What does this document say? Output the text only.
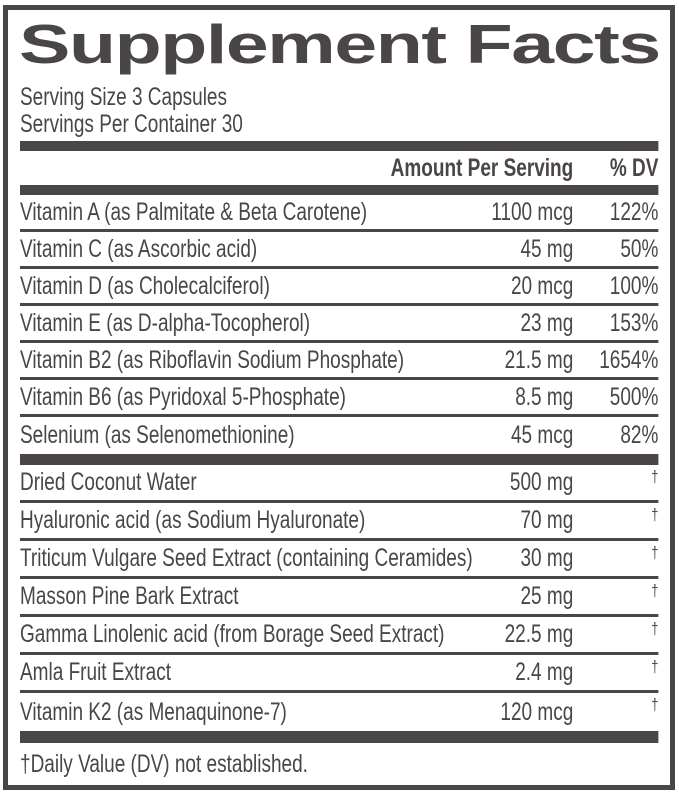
Supplement Facts
Serving Size 3 Capsules
Servings Per Container 30
Amount Per Serving	% DV
Vitamin A (as Palmitate & Beta Carotene)	1100 mcg	122%
Vitamin C (as Ascorbic acid)	45 mg	50%
Vitamin D (as Cholecalciferol)	20 mcg	100%
Vitamin E (as D-alpha-Tocopherol)	23 mg	153%
Vitamin B2 (as Riboflavin Sodium Phosphate)	21.5 mg	1654%
Vitamin B6 (as Pyridoxal 5-Phosphate)	8.5 mg	500%
Selenium (as Selenomethionine)	45 mcg	82%
Dried Coconut Water	500 mg	†
Hyaluronic acid (as Sodium Hyaluronate)	70 mg	†
Triticum Vulgare Seed Extract (containing Ceramides)	30 mg	†
Masson Pine Bark Extract	25 mg	†
Gamma Linolenic acid (from Borage Seed Extract)	22.5 mg	†
Amla Fruit Extract	2.4 mg	†
Vitamin K2 (as Menaquinone-7)	120 mcg	†
†Daily Value (DV) not established.
